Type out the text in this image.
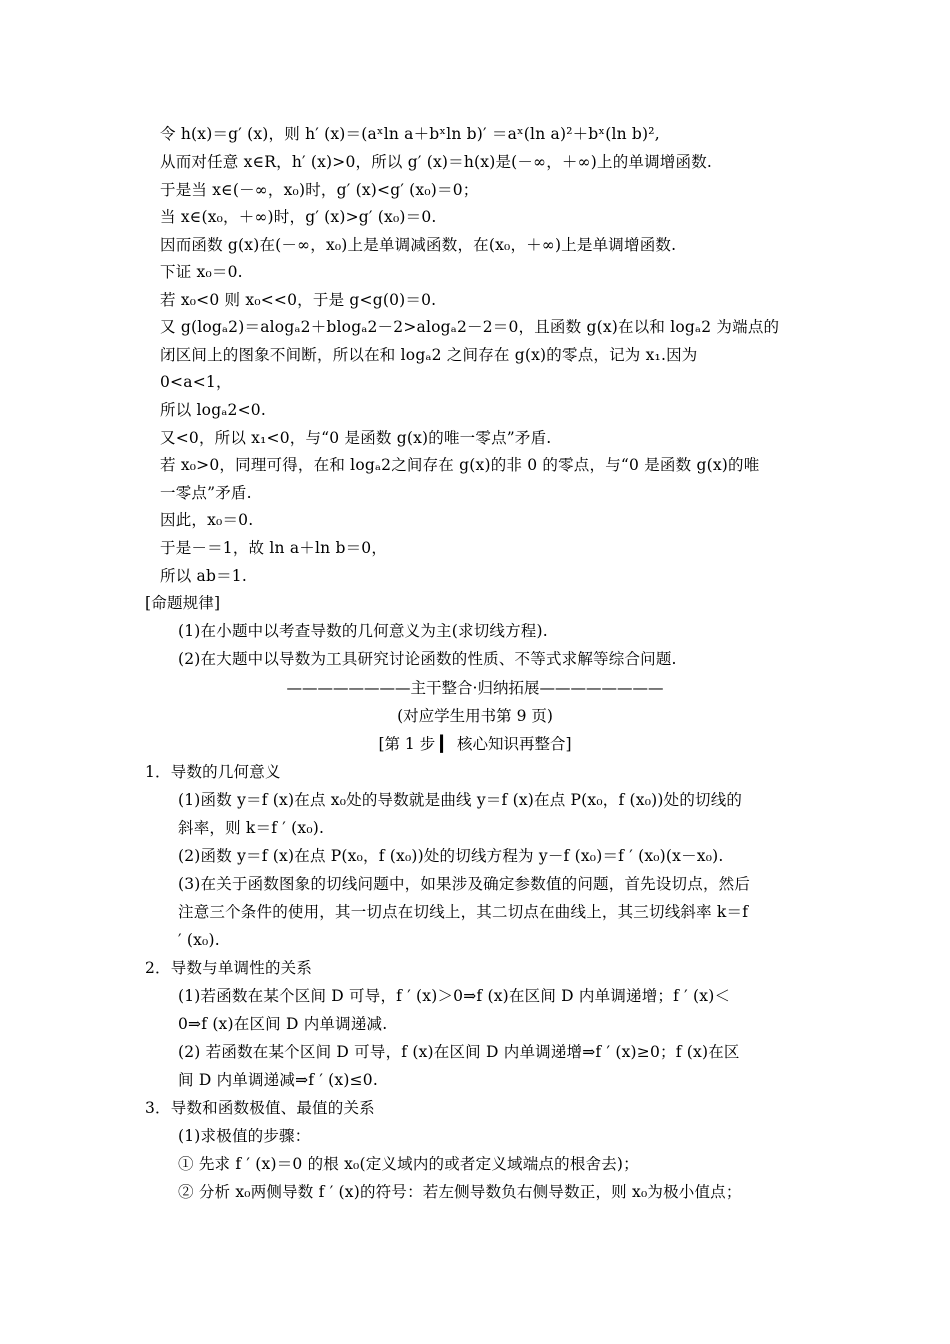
令 h(x)＝g′ (x)，则 h′ (x)＝(aˣln a＋bˣln b)′ ＝aˣ(ln a)²＋bˣ(ln b)²,
从而对任意 x∈R，h′ (x)>0，所以 g′ (x)＝h(x)是(－∞，＋∞)上的单调增函数.
于是当 x∈(－∞，x₀)时，g′ (x)<g′ (x₀)＝0；
当 x∈(x₀，＋∞)时，g′ (x)>g′ (x₀)＝0.
因而函数 g(x)在(－∞，x₀)上是单调减函数，在(x₀，＋∞)上是单调增函数.
下证 x₀＝0.
若 x₀<0 则 x₀<<0，于是 g<g(0)＝0.
又 g(logₐ2)＝alogₐ2＋blogₐ2－2>alogₐ2－2＝0，且函数 g(x)在以和 logₐ2 为端点的
闭区间上的图象不间断，所以在和 logₐ2 之间存在 g(x)的零点，记为 x₁.因为
0<a<1，
所以 logₐ2<0.
又<0，所以 x₁<0，与“0 是函数 g(x)的唯一零点”矛盾.
若 x₀>0，同理可得，在和 logₐ2之间存在 g(x)的非 0 的零点，与“0 是函数 g(x)的唯
一零点”矛盾.
因此，x₀＝0.
于是－＝1，故 ln a＋ln b＝0，
所以 ab＝1.
[命题规律]
(1)在小题中以考查导数的几何意义为主(求切线方程).
(2)在大题中以导数为工具研究讨论函数的性质、不等式求解等综合问题.
————————主干整合·归纳拓展————————
(对应学生用书第 9 页)
[第 1 步 ▎ 核心知识再整合]
1．导数的几何意义
(1)函数 y＝f (x)在点 x₀处的导数就是曲线 y＝f (x)在点 P(x₀，f (x₀))处的切线的
斜率，则 k＝f ′ (x₀).
(2)函数 y＝f (x)在点 P(x₀，f (x₀))处的切线方程为 y－f (x₀)＝f ′ (x₀)(x－x₀).
(3)在关于函数图象的切线问题中，如果涉及确定参数值的问题，首先设切点，然后
注意三个条件的使用，其一切点在切线上，其二切点在曲线上，其三切线斜率 k＝f
′ (x₀).
2．导数与单调性的关系
(1)若函数在某个区间 D 可导，f ′ (x)＞0⇒f (x)在区间 D 内单调递增；f ′ (x)＜
0⇒f (x)在区间 D 内单调递减.
(2) 若函数在某个区间 D 可导，f (x)在区间 D 内单调递增⇒f ′ (x)≥0；f (x)在区
间 D 内单调递减⇒f ′ (x)≤0.
3．导数和函数极值、最值的关系
(1)求极值的步骤：
① 先求 f ′ (x)＝0 的根 x₀(定义域内的或者定义域端点的根舍去)；
② 分析 x₀两侧导数 f ′ (x)的符号：若左侧导数负右侧导数正，则 x₀为极小值点；
